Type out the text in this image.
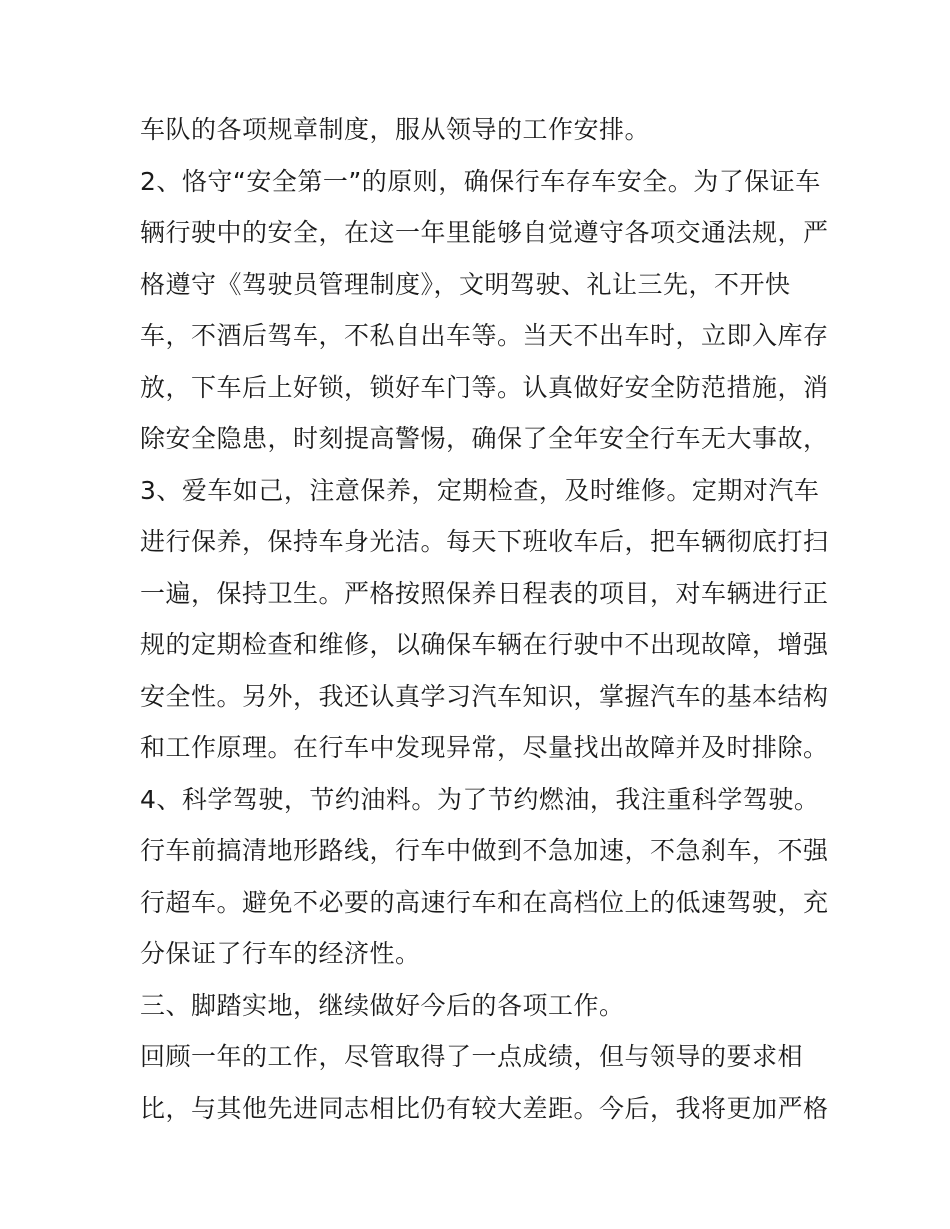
车队的各项规章制度，服从领导的工作安排。
2、恪守“安全第一”的原则，确保行车存车安全。为了保证车
辆行驶中的安全，在这一年里能够自觉遵守各项交通法规，严
格遵守《驾驶员管理制度》，文明驾驶、礼让三先，不开快
车，不酒后驾车，不私自出车等。当天不出车时，立即入库存
放，下车后上好锁，锁好车门等。认真做好安全防范措施，消
除安全隐患，时刻提高警惕，确保了全年安全行车无大事故，
3、爱车如己，注意保养，定期检查，及时维修。定期对汽车
进行保养，保持车身光洁。每天下班收车后，把车辆彻底打扫
一遍，保持卫生。严格按照保养日程表的项目，对车辆进行正
规的定期检查和维修，以确保车辆在行驶中不出现故障，增强
安全性。另外，我还认真学习汽车知识，掌握汽车的基本结构
和工作原理。在行车中发现异常，尽量找出故障并及时排除。
4、科学驾驶，节约油料。为了节约燃油，我注重科学驾驶。
行车前搞清地形路线，行车中做到不急加速，不急刹车，不强
行超车。避免不必要的高速行车和在高档位上的低速驾驶，充
分保证了行车的经济性。
三、脚踏实地，继续做好今后的各项工作。
回顾一年的工作，尽管取得了一点成绩，但与领导的要求相
比，与其他先进同志相比仍有较大差距。今后，我将更加严格
